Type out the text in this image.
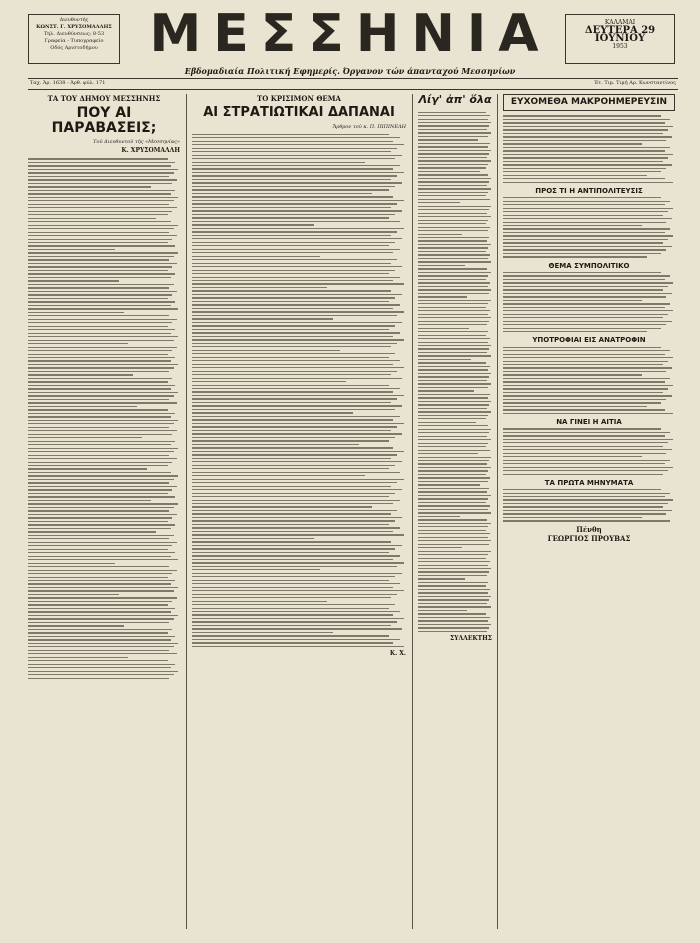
Διευθυντής
ΚΩΝΣΤ. Γ. ΧΡΥΣΟΜΑΛΛΗΣ
Τηλ. Διευθύνσεως: 8-53
Γραφεία - Τυπογραφείο
Οδός Αριστοδήμου ΜΕΣΣΗΝΙΑ	ΚΑΛΑΜΑΙ
ΔΕΥΤΕΡΑ 29 ΙΟΥΝΙΟΥ
1953
Εβδομαδιαία Πολιτική Εφημερίς. Όργανον τών άπανταχού Μεσσηνίων
Ταχ. Άρ. 1638 - Άρθ. φύλ. 171	Έτ. Τιμ. Τιμή Αρ. Κωνσταντίνος
ΤΑ ΤΟΥ ΔΗΜΟΥ ΜΕΣΣΗΝΗΣ
ΠΟΥ ΑΙ ΠΑΡΑΒΑΣΕΙΣ;
Τοῦ Διευθυντοῦ τῆς «Μεσσηνίας»
Κ. ΧΡΥΣΟΜΑΛΛΗ
ΤΟ ΚΡΙΣΙΜΟΝ ΘΕΜΑ
ΑΙ ΣΤΡΑΤΙΩΤΙΚΑΙ ΔΑΠΑΝΑΙ
Ἄρθρον τοῦ κ. Π. ΠΙΠΙΝΕΛΗ
Κ. Χ.
Λίγ' ἀπ' ὅλα
ΣΥΛΛΕΚΤΗΣ
ΕΥΧΟΜΕΘΑ ΜΑΚΡΟΗΜΕΡΕΥΣΙΝ
ΠΡΟΣ ΤΙ Η ΑΝΤΙΠΟΛΙΤΕΥΣΙΣ
ΘΕΜΑ ΣΥΜΠΟΛΙΤΙΚΟ
ΥΠΟΤΡΟΦΙΑΙ ΕΙΣ ΑΝΑΤΡΟΦΙΝ
ΝΑ ΓΙΝΕΙ Η ΑΙΤΙΑ
ΤΑ ΠΡΩΤΑ ΜΗΝΥΜΑΤΑ
Πένθη
ΓΕΩΡΓΙΟΣ ΠΡΟΥΒΑΣ
